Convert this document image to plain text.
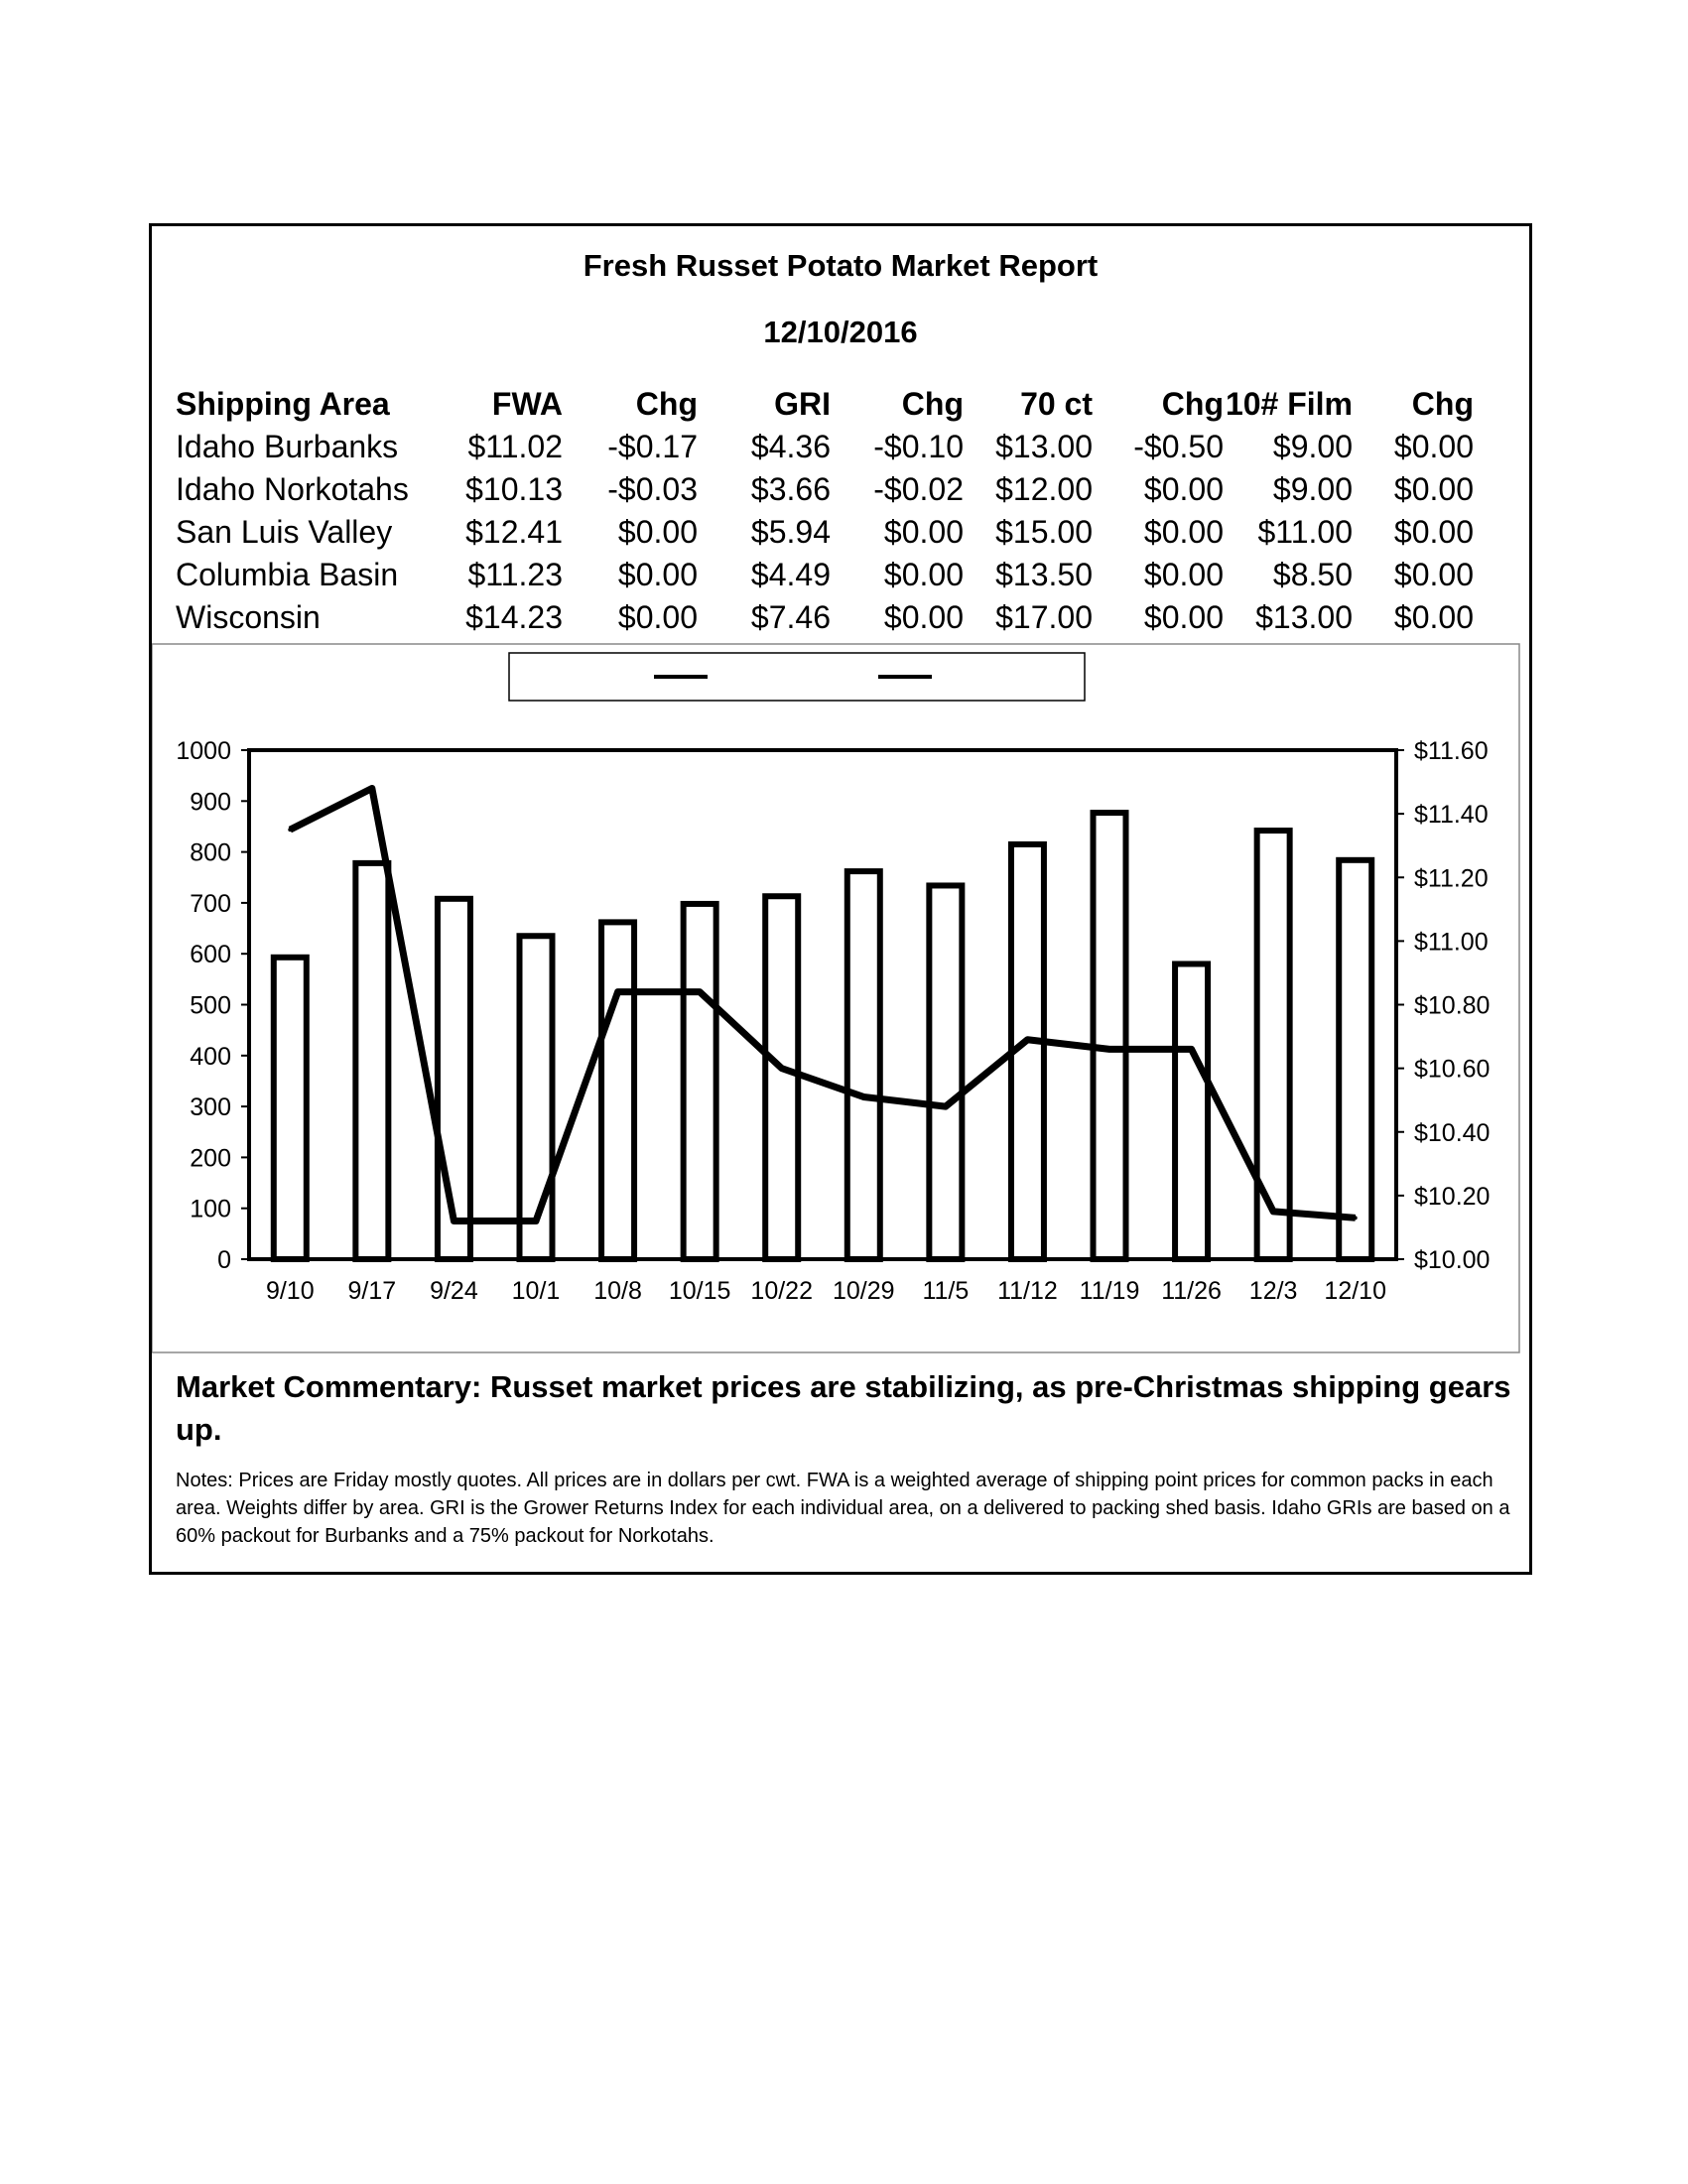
Fresh Russet Potato Market Report
12/10/2016
Shipping Area	FWA	Chg	GRI	Chg	70 ct	Chg	10# Film	Chg
Idaho Burbanks	$11.02	-$0.17	$4.36	-$0.10	$13.00	-$0.50	$9.00	$0.00
Idaho Norkotahs	$10.13	-$0.03	$3.66	-$0.02	$12.00	$0.00	$9.00	$0.00
San Luis Valley	$12.41	$0.00	$5.94	$0.00	$15.00	$0.00	$11.00	$0.00
Columbia Basin	$11.23	$0.00	$4.49	$0.00	$13.50	$0.00	$8.50	$0.00
Wisconsin	$14.23	$0.00	$7.46	$0.00	$17.00	$0.00	$13.00	$0.00
0
100
200
300
400
500
600
700
800
900
1000
$10.00
$10.20
$10.40
$10.60
$10.80
$11.00
$11.20
$11.40
$11.60
9/10 9/17 9/24 10/1 10/8 10/15 10/22 10/29 11/5 11/12 11/19 11/26 12/3 12/10
Market Commentary: Russet market prices are stabilizing, as pre-Christmas shipping gears up.
Notes: Prices are Friday mostly quotes. All prices are in dollars per cwt. FWA is a weighted average of shipping point prices for common packs in each area. Weights differ by area. GRI is the Grower Returns Index for each individual area, on a delivered to packing shed basis. Idaho GRIs are based on a 60% packout for Burbanks and a 75% packout for Norkotahs.
